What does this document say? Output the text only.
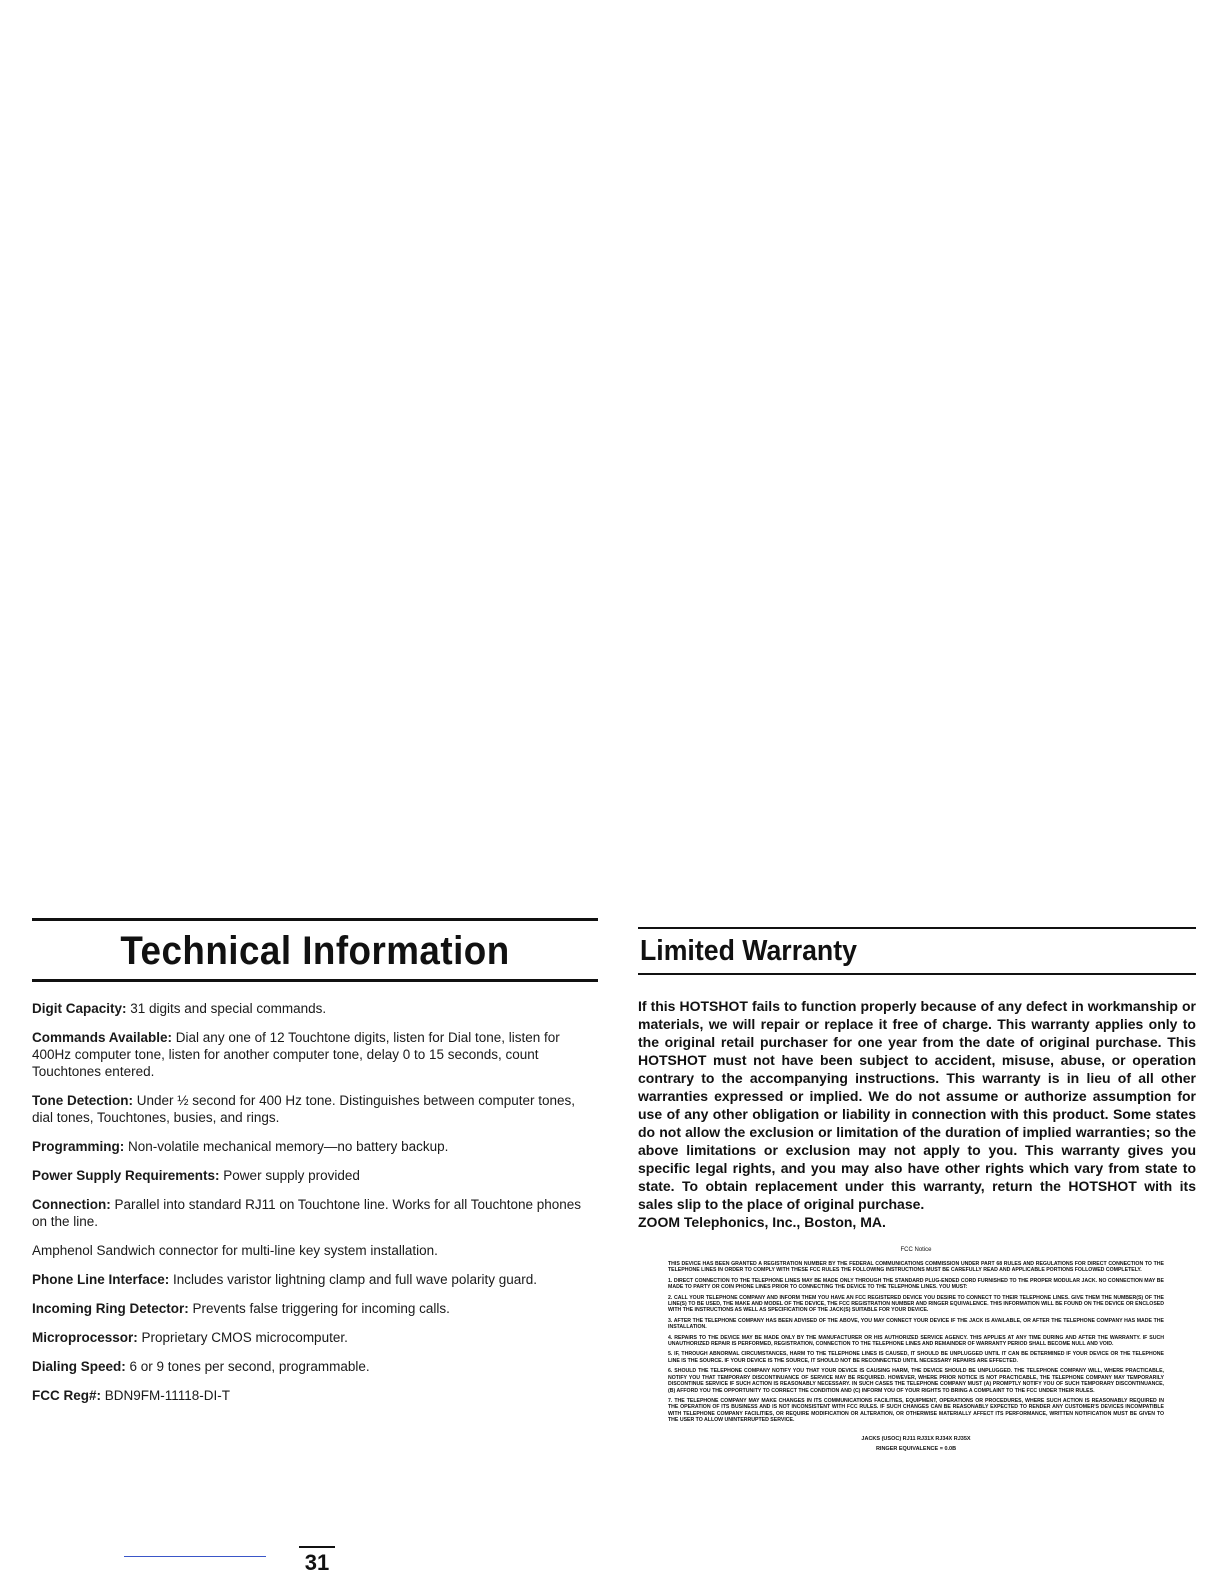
Technical Information

Digit Capacity: 31 digits and special commands.

Commands Available: Dial any one of 12 Touchtone digits, listen for Dial tone, listen for 400Hz computer tone, listen for another computer tone, delay 0 to 15 seconds, count Touchtones entered.

Tone Detection: Under ½ second for 400 Hz tone. Distinguishes between computer tones, dial tones, Touchtones, busies, and rings.

Programming: Non-volatile mechanical memory—no battery backup.

Power Supply Requirements: Power supply provided

Connection: Parallel into standard RJ11 on Touchtone line. Works for all Touchtone phones on the line.

Amphenol Sandwich connector for multi-line key system installation.

Phone Line Interface: Includes varistor lightning clamp and full wave polarity guard.

Incoming Ring Detector: Prevents false triggering for incoming calls.

Microprocessor: Proprietary CMOS microcomputer.

Dialing Speed: 6 or 9 tones per second, programmable.

FCC Reg#: BDN9FM-11118-DI-T

Limited Warranty

If this HOTSHOT fails to function properly because of any defect in workmanship or materials, we will repair or replace it free of charge. This warranty applies only to the original retail purchaser for one year from the date of original purchase. This HOTSHOT must not have been subject to accident, misuse, abuse, or operation contrary to the accompanying instructions. This warranty is in lieu of all other warranties expressed or implied. We do not assume or authorize assumption for use of any other obligation or liability in connection with this product. Some states do not allow the exclusion or limitation of the duration of implied warranties; so the above limitations or exclusion may not apply to you. This warranty gives you specific legal rights, and you may also have other rights which vary from state to state. To obtain replacement under this warranty, return the HOTSHOT with its sales slip to the place of original purchase.

ZOOM Telephonics, Inc., Boston, MA.
FCC Notice

THIS DEVICE HAS BEEN GRANTED A REGISTRATION NUMBER BY THE FEDERAL COMMUNICATIONS COMMISSION UNDER PART 68 RULES AND REGULATIONS FOR DIRECT CONNECTION TO THE TELEPHONE LINES IN ORDER TO COMPLY WITH THESE FCC RULES THE FOLLOWING INSTRUCTIONS MUST BE CAREFULLY READ AND APPLICABLE PORTIONS FOLLOWED COMPLETELY.

1. DIRECT CONNECTION TO THE TELEPHONE LINES MAY BE MADE ONLY THROUGH THE STANDARD PLUG-ENDED CORD FURNISHED TO THE PROPER MODULAR JACK. NO CONNECTION MAY BE MADE TO PARTY OR COIN PHONE LINES PRIOR TO CONNECTING THE DEVICE TO THE TELEPHONE LINES. YOU MUST:

2. CALL YOUR TELEPHONE COMPANY AND INFORM THEM YOU HAVE AN FCC REGISTERED DEVICE YOU DESIRE TO CONNECT TO THEIR TELEPHONE LINES. GIVE THEM THE NUMBER(S) OF THE LINE(S) TO BE USED, THE MAKE AND MODEL OF THE DEVICE, THE FCC REGISTRATION NUMBER AND RINGER EQUIVALENCE. THIS INFORMATION WILL BE FOUND ON THE DEVICE OR ENCLOSED WITH THE INSTRUCTIONS AS WELL AS SPECIFICATION OF THE JACK(S) SUITABLE FOR YOUR DEVICE.

3. AFTER THE TELEPHONE COMPANY HAS BEEN ADVISED OF THE ABOVE, YOU MAY CONNECT YOUR DEVICE IF THE JACK IS AVAILABLE, OR AFTER THE TELEPHONE COMPANY HAS MADE THE INSTALLATION.

4. REPAIRS TO THE DEVICE MAY BE MADE ONLY BY THE MANUFACTURER OR HIS AUTHORIZED SERVICE AGENCY. THIS APPLIES AT ANY TIME DURING AND AFTER THE WARRANTY. IF SUCH UNAUTHORIZED REPAIR IS PERFORMED, REGISTRATION, CONNECTION TO THE TELEPHONE LINES AND REMAINDER OF WARRANTY PERIOD SHALL BECOME NULL AND VOID.

5. IF, THROUGH ABNORMAL CIRCUMSTANCES, HARM TO THE TELEPHONE LINES IS CAUSED, IT SHOULD BE UNPLUGGED UNTIL IT CAN BE DETERMINED IF YOUR DEVICE OR THE TELEPHONE LINE IS THE SOURCE. IF YOUR DEVICE IS THE SOURCE, IT SHOULD NOT BE RECONNECTED UNTIL NECESSARY REPAIRS ARE EFFECTED.

6. SHOULD THE TELEPHONE COMPANY NOTIFY YOU THAT YOUR DEVICE IS CAUSING HARM, THE DEVICE SHOULD BE UNPLUGGED. THE TELEPHONE COMPANY WILL, WHERE PRACTICABLE, NOTIFY YOU THAT TEMPORARY DISCONTINUANCE OF SERVICE MAY BE REQUIRED. HOWEVER, WHERE PRIOR NOTICE IS NOT PRACTICABLE, THE TELEPHONE COMPANY MAY TEMPORARILY DISCONTINUE SERVICE IF SUCH ACTION IS REASONABLY NECESSARY. IN SUCH CASES THE TELEPHONE COMPANY MUST (A) PROMPTLY NOTIFY YOU OF SUCH TEMPORARY DISCONTINUANCE, (B) AFFORD YOU THE OPPORTUNITY TO CORRECT THE CONDITION AND (C) INFORM YOU OF YOUR RIGHTS TO BRING A COMPLAINT TO THE FCC UNDER THEIR RULES.

7. THE TELEPHONE COMPANY MAY MAKE CHANGES IN ITS COMMUNICATIONS FACILITIES, EQUIPMENT, OPERATIONS OR PROCEDURES, WHERE SUCH ACTION IS REASONABLY REQUIRED IN THE OPERATION OF ITS BUSINESS AND IS NOT INCONSISTENT WITH FCC RULES. IF SUCH CHANGES CAN BE REASONABLY EXPECTED TO RENDER ANY CUSTOMER'S DEVICES INCOMPATIBLE WITH TELEPHONE COMPANY FACILITIES, OR REQUIRE MODIFICATION OR ALTERATION, OR OTHERWISE MATERIALLY AFFECT ITS PERFORMANCE, WRITTEN NOTIFICATION MUST BE GIVEN TO THE USER TO ALLOW UNINTERRUPTED SERVICE.

JACKS (USOC) RJ11 RJ31X RJ34X RJ35X
RINGER EQUIVALENCE = 0.0B
31
